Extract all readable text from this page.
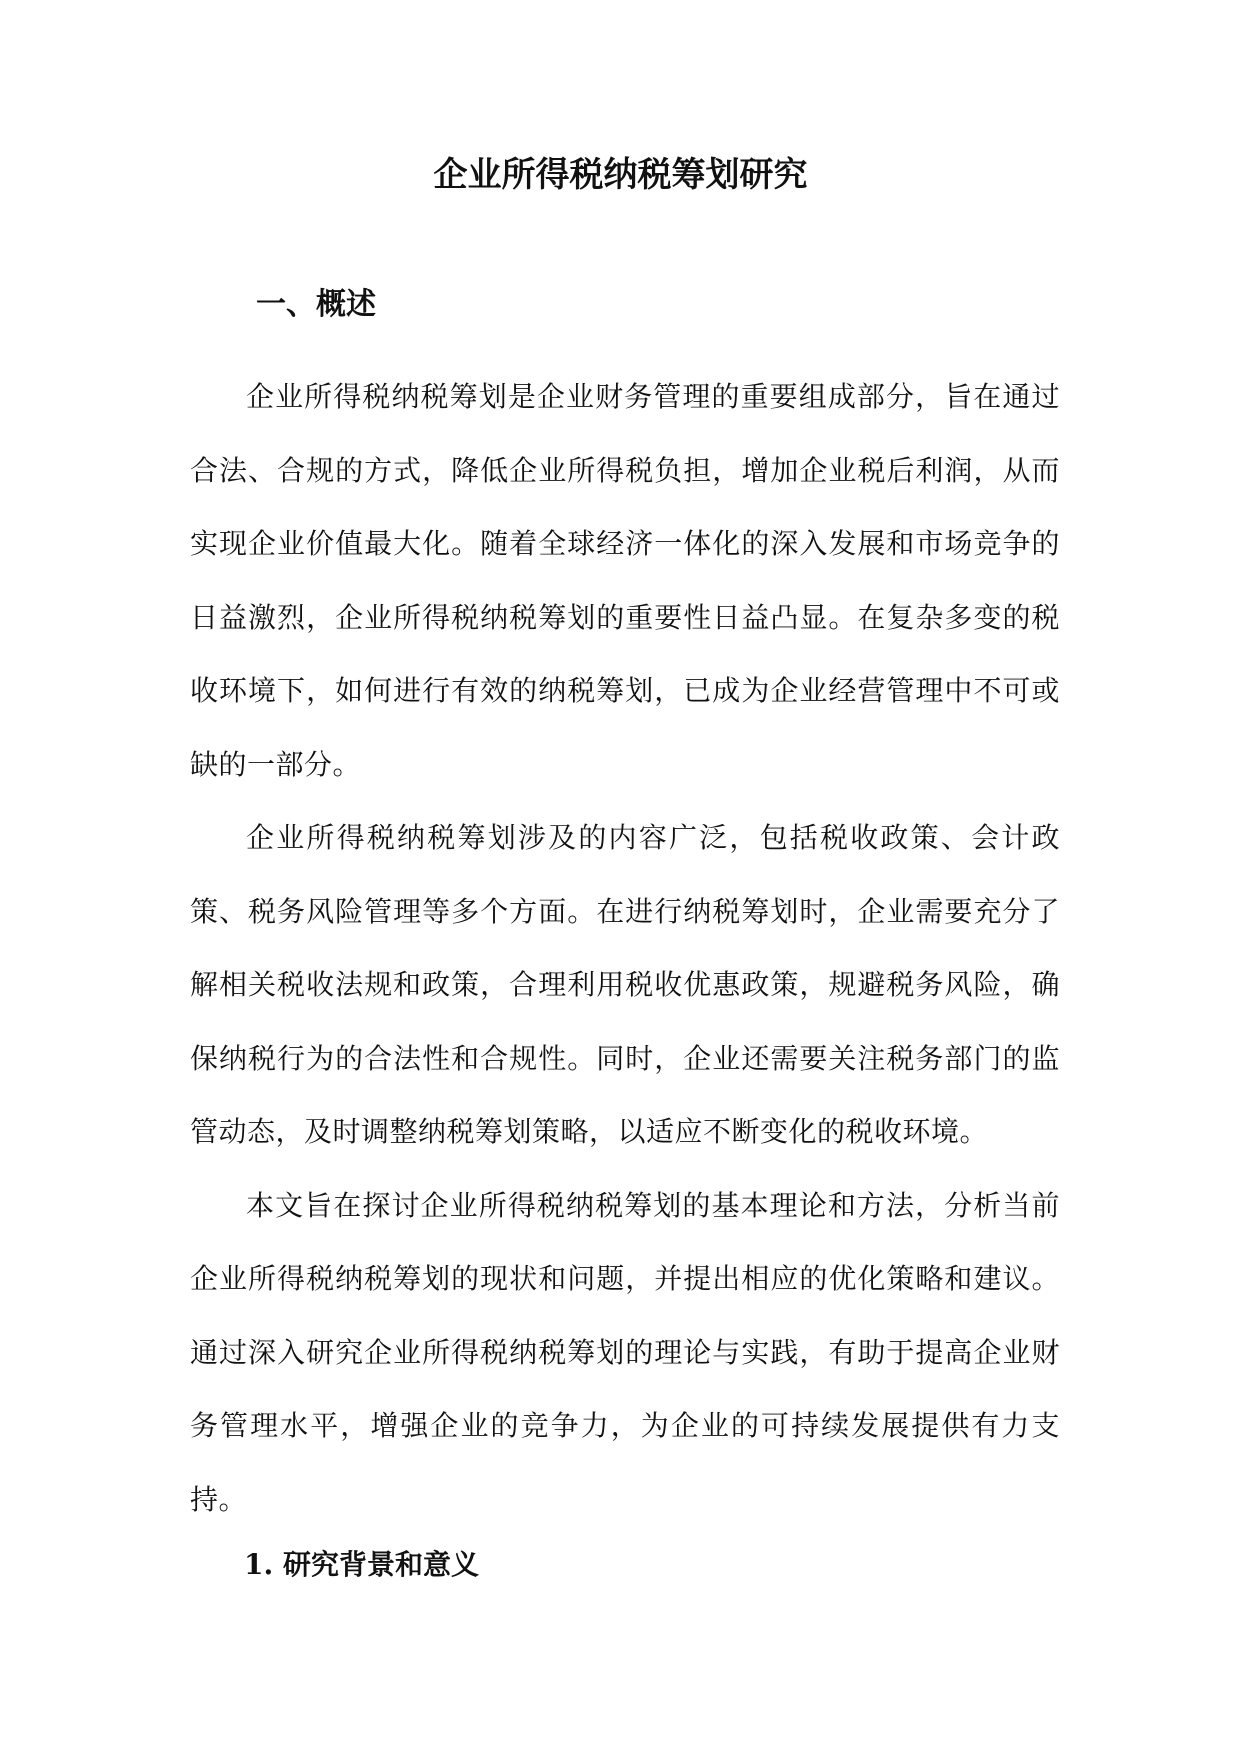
企业所得税纳税筹划研究
一、概述

企业所得税纳税筹划是企业财务管理的重要组成部分，旨在通过合法、合规的方式，降低企业所得税负担，增加企业税后利润，从而实现企业价值最大化。随着全球经济一体化的深入发展和市场竞争的日益激烈，企业所得税纳税筹划的重要性日益凸显。在复杂多变的税收环境下，如何进行有效的纳税筹划，已成为企业经营管理中不可或缺的一部分。

企业所得税纳税筹划涉及的内容广泛，包括税收政策、会计政策、税务风险管理等多个方面。在进行纳税筹划时，企业需要充分了解相关税收法规和政策，合理利用税收优惠政策，规避税务风险，确保纳税行为的合法性和合规性。同时，企业还需要关注税务部门的监管动态，及时调整纳税筹划策略，以适应不断变化的税收环境。

本文旨在探讨企业所得税纳税筹划的基本理论和方法，分析当前企业所得税纳税筹划的现状和问题，并提出相应的优化策略和建议。通过深入研究企业所得税纳税筹划的理论与实践，有助于提高企业财务管理水平，增强企业的竞争力，为企业的可持续发展提供有力支持。

1. 研究背景和意义
